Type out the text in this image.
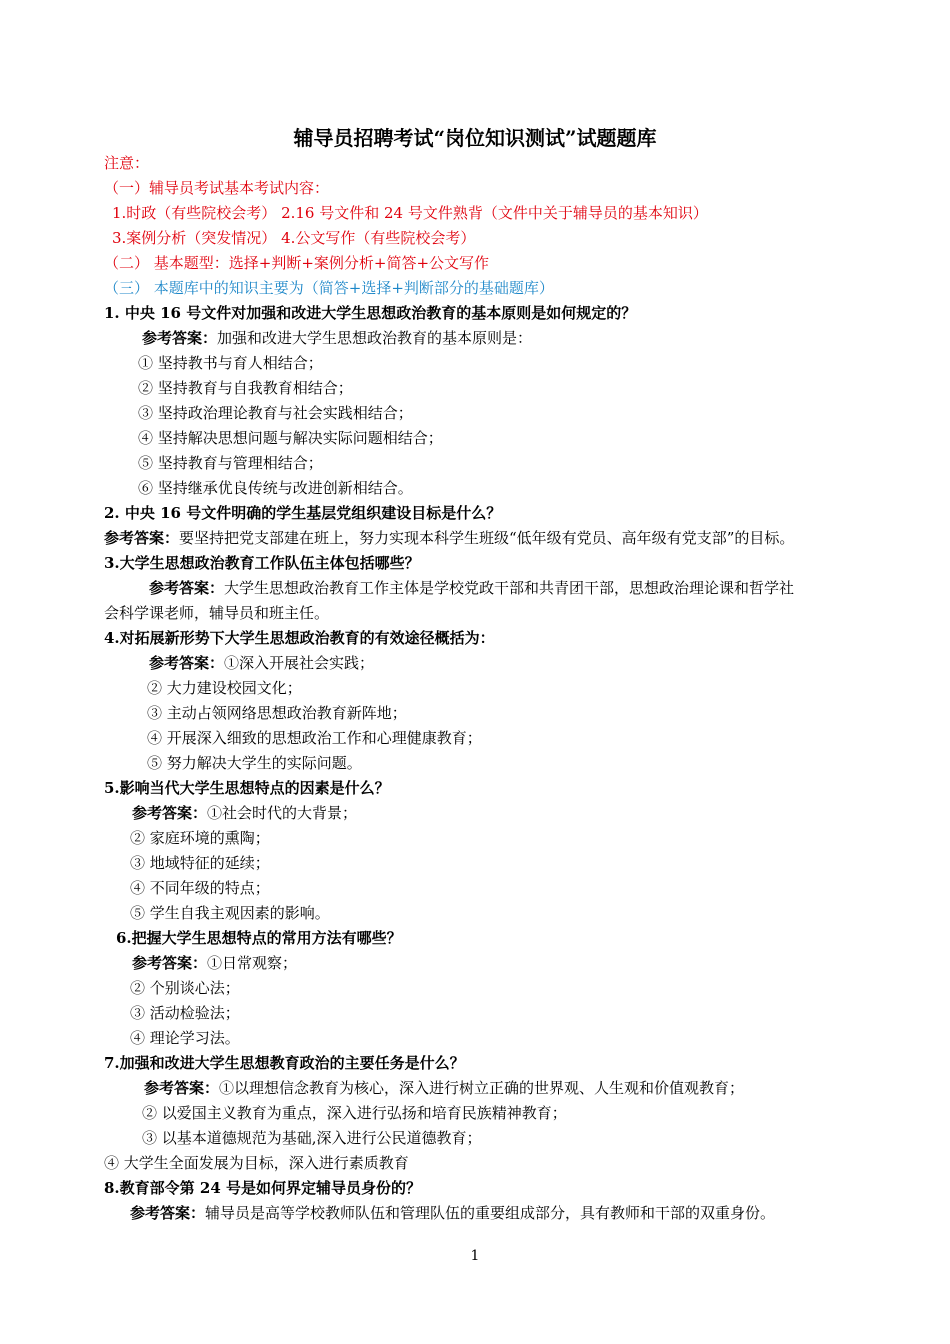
辅导员招聘考试“岗位知识测试”试题题库
注意：
（一）辅导员考试基本考试内容：
1.时政（有些院校会考） 2.16 号文件和 24 号文件熟背（文件中关于辅导员的基本知识）
3.案例分析（突发情况） 4.公文写作（有些院校会考）
（二） 基本题型：选择+判断+案例分析+简答+公文写作
（三） 本题库中的知识主要为（简答+选择+判断部分的基础题库）
1. 中央 16 号文件对加强和改进大学生思想政治教育的基本原则是如何规定的？
参考答案：加强和改进大学生思想政治教育的基本原则是：
① 坚持教书与育人相结合；
② 坚持教育与自我教育相结合；
③ 坚持政治理论教育与社会实践相结合；
④ 坚持解决思想问题与解决实际问题相结合；
⑤ 坚持教育与管理相结合；
⑥ 坚持继承优良传统与改进创新相结合。
2. 中央 16 号文件明确的学生基层党组织建设目标是什么？
参考答案：要坚持把党支部建在班上，努力实现本科学生班级“低年级有党员、高年级有党支部”的目标。
3.大学生思想政治教育工作队伍主体包括哪些？
参考答案：大学生思想政治教育工作主体是学校党政干部和共青团干部，思想政治理论课和哲学社
会科学课老师，辅导员和班主任。
4.对拓展新形势下大学生思想政治教育的有效途径概括为：
参考答案：①深入开展社会实践；
② 大力建设校园文化；
③ 主动占领网络思想政治教育新阵地；
④ 开展深入细致的思想政治工作和心理健康教育；
⑤ 努力解决大学生的实际问题。
5.影响当代大学生思想特点的因素是什么？
参考答案：①社会时代的大背景；
② 家庭环境的熏陶；
③ 地域特征的延续；
④ 不同年级的特点；
⑤ 学生自我主观因素的影响。
6.把握大学生思想特点的常用方法有哪些？
参考答案：①日常观察；
② 个别谈心法；
③ 活动检验法；
④ 理论学习法。
7.加强和改进大学生思想教育政治的主要任务是什么？
参考答案：①以理想信念教育为核心，深入进行树立正确的世界观、人生观和价值观教育；
② 以爱国主义教育为重点，深入进行弘扬和培育民族精神教育；
③ 以基本道德规范为基础,深入进行公民道德教育；
④ 大学生全面发展为目标，深入进行素质教育
8.教育部令第 24 号是如何界定辅导员身份的？
参考答案：辅导员是高等学校教师队伍和管理队伍的重要组成部分，具有教师和干部的双重身份。
1
